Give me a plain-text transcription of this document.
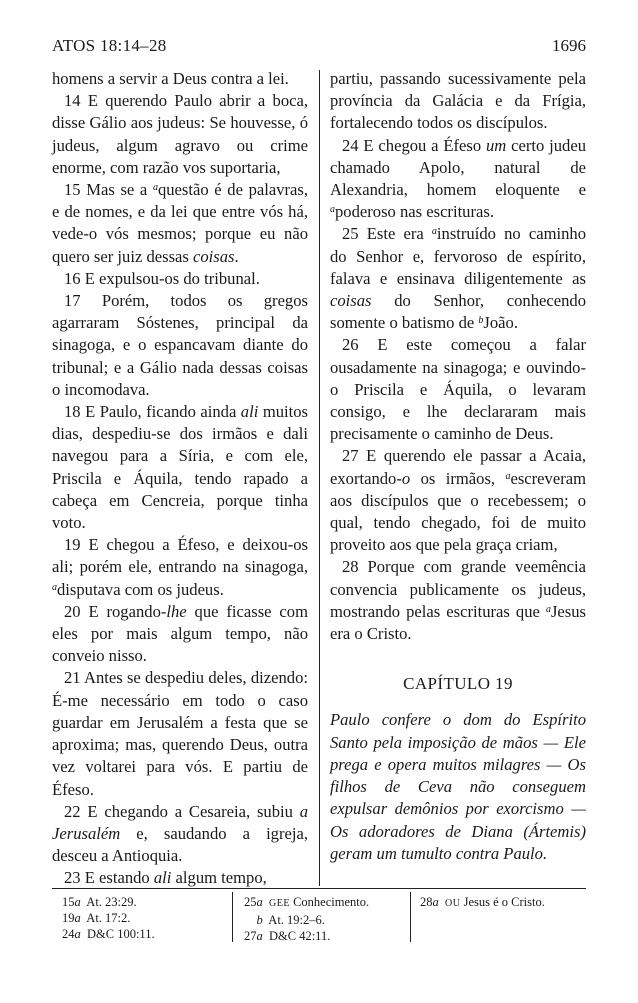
ATOS 18:14–28	1696

homens a servir a Deus contra a lei.

14 E querendo Paulo abrir a boca, disse Gálio aos judeus: Se houvesse, ó judeus, algum agravo ou crime enorme, com razão vos suportaria,

15 Mas se a $^a$questão é de palavras, e de nomes, e da lei que entre vós há, vede-o vós mesmos; porque eu não quero ser juiz dessas coisas.

16 E expulsou-os do tribunal.

17 Porém, todos os gregos agarraram Sóstenes, principal da sinagoga, e o espancavam diante do tribunal; e a Gálio nada dessas coisas o incomodava.

18 E Paulo, ficando ainda ali muitos dias, despediu-se dos irmãos e dali navegou para a Síria, e com ele, Priscila e Áquila, tendo rapado a cabeça em Cencreia, porque tinha voto.

19 E chegou a Éfeso, e deixou-os ali; porém ele, entrando na sinagoga, $^a$disputava com os judeus.

20 E rogando-lhe que ficasse com eles por mais algum tempo, não conveio nisso.

21 Antes se despediu deles, dizendo: É-me necessário em todo o caso guardar em Jerusalém a festa que se aproxima; mas, querendo Deus, outra vez voltarei para vós. E partiu de Éfeso.

22 E chegando a Cesareia, subiu a Jerusalém e, saudando a igreja, desceu a Antioquia.

23 E estando ali algum tempo,

partiu, passando sucessivamente pela província da Galácia e da Frígia, fortalecendo todos os discípulos.

24 E chegou a Éfeso um certo judeu chamado Apolo, natural de Alexandria, homem eloquente e $^a$poderoso nas escrituras.

25 Este era $^a$instruído no caminho do Senhor e, fervoroso de espírito, falava e ensinava diligentemente as coisas do Senhor, conhecendo somente o batismo de $^b$João.

26 E este começou a falar ousadamente na sinagoga; e ouvindo-o Priscila e Áquila, o levaram consigo, e lhe declararam mais precisamente o caminho de Deus.

27 E querendo ele passar a Acaia, exortando-o os irmãos, $^a$escreveram aos discípulos que o recebessem; o qual, tendo chegado, foi de muito proveito aos que pela graça criam,

28 Porque com grande veemência convencia publicamente os judeus, mostrando pelas escrituras que $^a$Jesus era o Cristo.

CAPÍTULO 19

Paulo confere o dom do Espírito Santo pela imposição de mãos — Ele prega e opera muitos milagres — Os filhos de Ceva não conseguem expulsar demônios por exorcismo — Os adoradores de Diana (Ártemis) geram um tumulto contra Paulo.

15a  At. 23:29.
19a  At. 17:2.
24a  D&C 100:11.
25a GEE Conhecimento.
b  At. 19:2–6.
27a  D&C 42:11.
28a OU Jesus é o Cristo.
